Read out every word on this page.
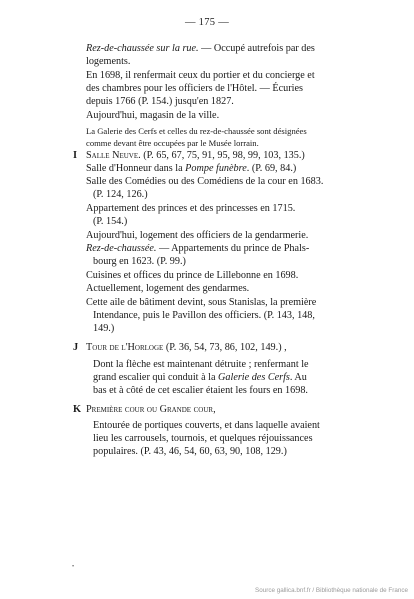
— 175 —
Rez-de-chaussée sur la rue. — Occupé autrefois par des
logements.
En 1698, il renfermait ceux du portier et du concierge et
des chambres pour les officiers de l'Hôtel. — Écuries
depuis 1766 (P. 154.) jusqu'en 1827.
Aujourd'hui, magasin de la ville.
La Galerie des Cerfs et celles du rez-de-chaussée sont désignées
comme devant être occupées par le Musée lorrain.
I Salle Neuve. (P. 65, 67, 75, 91, 95, 98, 99, 103, 135.)
Salle d'Honneur dans la Pompe funèbre. (P. 69, 84.)
Salle des Comédies ou des Comédiens de la cour en 1683.
(P. 124, 126.)
Appartement des princes et des princesses en 1715.
(P. 154.)
Aujourd'hui, logement des officiers de la gendarmerie.
Rez-de-chaussée. — Appartements du prince de Phals-
bourg en 1623. (P. 99.)
Cuisines et offices du prince de Lillebonne en 1698.
Actuellement, logement des gendarmes.
Cette aile de bâtiment devint, sous Stanislas, la première
Intendance, puis le Pavillon des officiers. (P. 143, 148,
149.)
J Tour de l'Horloge (P. 36, 54, 73, 86, 102, 149.) ,
Dont la flèche est maintenant détruite ; renfermant le
grand escalier qui conduit à la Galerie des Cerfs. Au
bas et à côté de cet escalier étaient les fours en 1698.
K Première cour ou Grande cour,
Entourée de portiques couverts, et dans laquelle avaient
lieu les carrousels, tournois, et quelques réjouissances
populaires. (P. 43, 46, 54, 60, 63, 90, 108, 129.)
•
Source gallica.bnf.fr / Bibliothèque nationale de France
